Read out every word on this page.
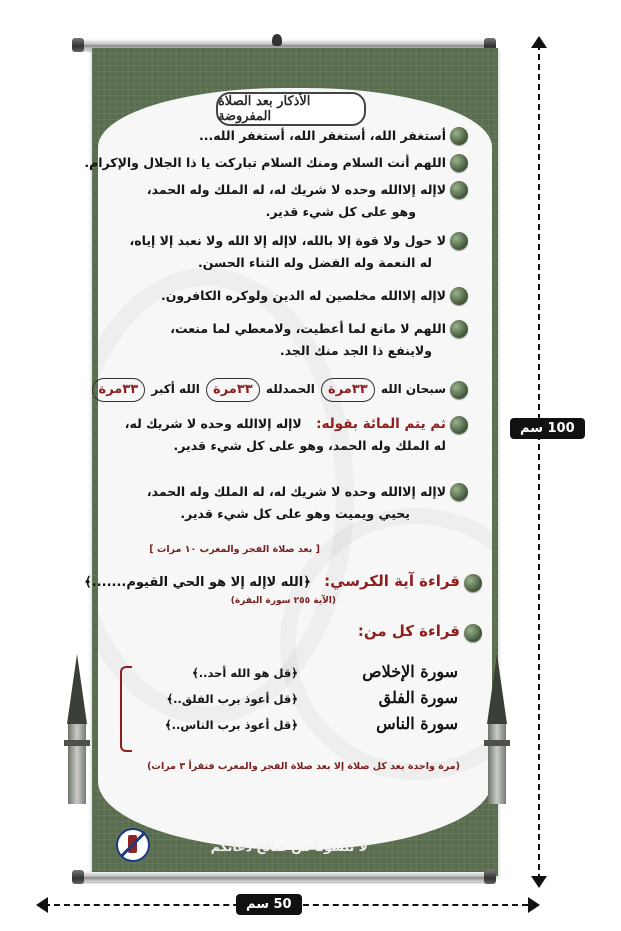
الأذكار بعد الصلاة المفروضة
أستغفر الله، أستغفر الله، أستغفر الله...
اللهم أنت السلام ومنك السلام تباركت يا ذا الجلال والإكرام.
لاإله إلاالله وحده لا شريك له، له الملك وله الحمد،
وهو على كل شيء قدير.
لا حول ولا قوة إلا بالله، لاإله إلا الله ولا نعبد إلا إياه،
له النعمة وله الفضل وله الثناء الحسن.
لاإله إلاالله مخلصين له الدين ولوكره الكافرون.
اللهم لا مانع لما أعطيت، ولامعطي لما منعت،
ولاينفع ذا الجد منك الجد.
سبحان الله ٣٣مرة الحمدلله ٣٣مرة الله أكبر ٣٣مرة
ثم يتم المائة بقوله: لاإله إلاالله وحده لا شريك له،
له الملك وله الحمد، وهو على كل شيء قدير.
لاإله إلاالله وحده لا شريك له، له الملك وله الحمد،
يحيي ويميت وهو على كل شيء قدير.
[ بعد صلاة الفجر والمغرب ١٠ مرات ]
قراءة آية الكرسي: ﴿الله لاإله إلا هو الحي القيوم.......﴾
(الآية ٢٥٥ سورة البقرة)
قراءة كل من:
سورة الإخلاص
﴿قل هو الله أحد..﴾
سورة الفلق
﴿قل أعوذ برب الفلق..﴾
سورة الناس
﴿قل أعوذ برب الناس..﴾
(مرة واحدة بعد كل صلاة إلا بعد صلاة الفجر والمغرب فتقرأ ٣ مرات)
لا تنسونا من صالح دعائكم
100 سم
50 سم
